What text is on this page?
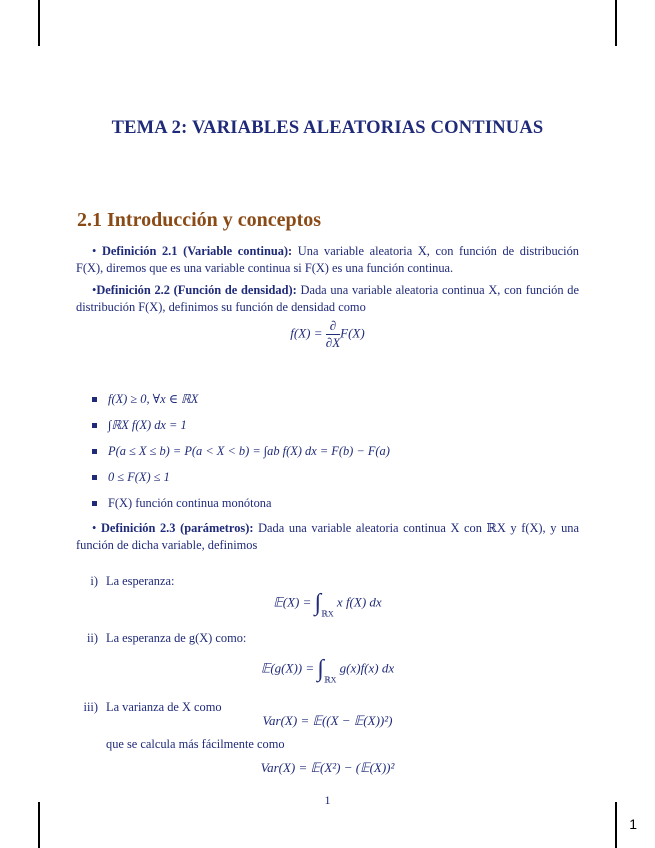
1
TEMA 2: VARIABLES ALEATORIAS CONTINUAS
2.1 Introducción y conceptos
• Definición 2.1 (Variable continua): Una variable aleatoria X, con función de distribución F(X), diremos que es una variable continua si F(X) es una función continua.
•Definición 2.2 (Función de densidad): Dada una variable aleatoria continua X, con función de distribución F(X), definimos su función de densidad como
$f(X) = \frac{\partial}{\partial X} F(X)$
f(X) ≥ 0, ∀x ∈ ℝX
∫ℝX f(X) dx = 1
P(a ≤ X ≤ b) = P(a < X < b) = ∫ab f(X) dx = F(b) − F(a)
0 ≤ F(X) ≤ 1
F(X) función continua monótona
• Definición 2.3 (parámetros): Dada una variable aleatoria continua X con ℝX y f(X), y una función de dicha variable, definimos
i) La esperanza:
𝔼(X) = $\int_{ℝX}$ x f(X) dx
ii) La esperanza de g(X) como:
𝔼(g(X)) = $\int_{ℝX}$ g(x)f(x) dx
iii) La varianza de X como
Var(X) = 𝔼((X − 𝔼(X))²)
que se calcula más fácilmente como
Var(X) = 𝔼(X²) − (𝔼(X))²
1
